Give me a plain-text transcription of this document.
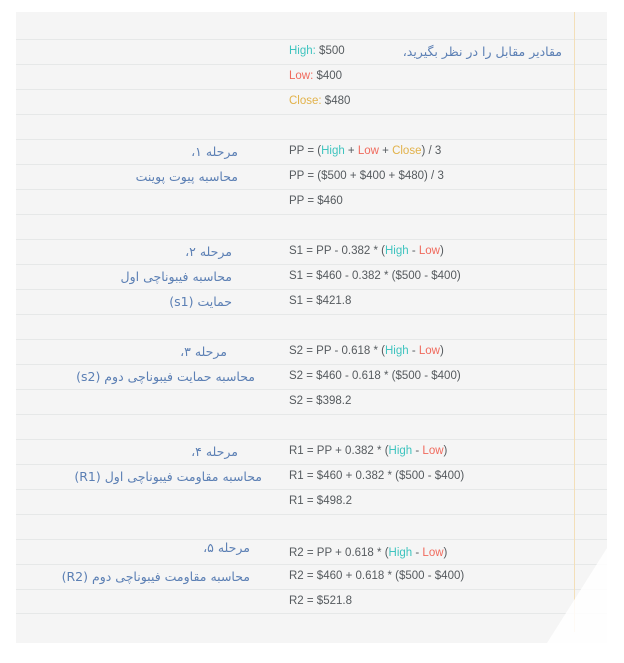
مقادیر مقابل را در نظر بگیرید،
High: $500
Low: $400
Close: $480
مرحله ۱،
محاسبه پیوت پوینت
PP = (High + Low + Close) / 3
PP = ($500 + $400 + $480) / 3
PP = $460
مرحله ۲،
محاسبه فیبوناچی اول
حمایت (s1)
S1 = PP - 0.382 * (High - Low)
S1 = $460 - 0.382 * ($500 - $400)
S1 = $421.8
مرحله ۳،
محاسبه حمایت فیبوناچی دوم (s2)
S2 = PP - 0.618 * (High - Low)
S2 = $460 - 0.618 * ($500 - $400)
S2 = $398.2
مرحله ۴،
محاسبه مقاومت فیبوناچی اول (R1)
R1 = PP + 0.382 * (High - Low)
R1 = $460 + 0.382 * ($500 - $400)
R1 = $498.2
مرحله ۵،
محاسبه مقاومت فیبوناچی دوم (R2)
R2 = PP + 0.618 * (High - Low)
R2 = $460 + 0.618 * ($500 - $400)
R2 = $521.8
